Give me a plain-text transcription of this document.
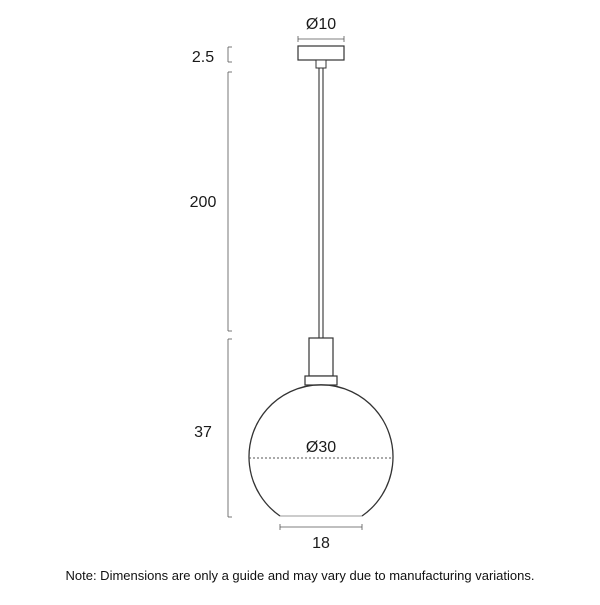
Ø10
Ø30
18
2.5
200
37
Note: Dimensions are only a guide and may vary due to manufacturing variations.
